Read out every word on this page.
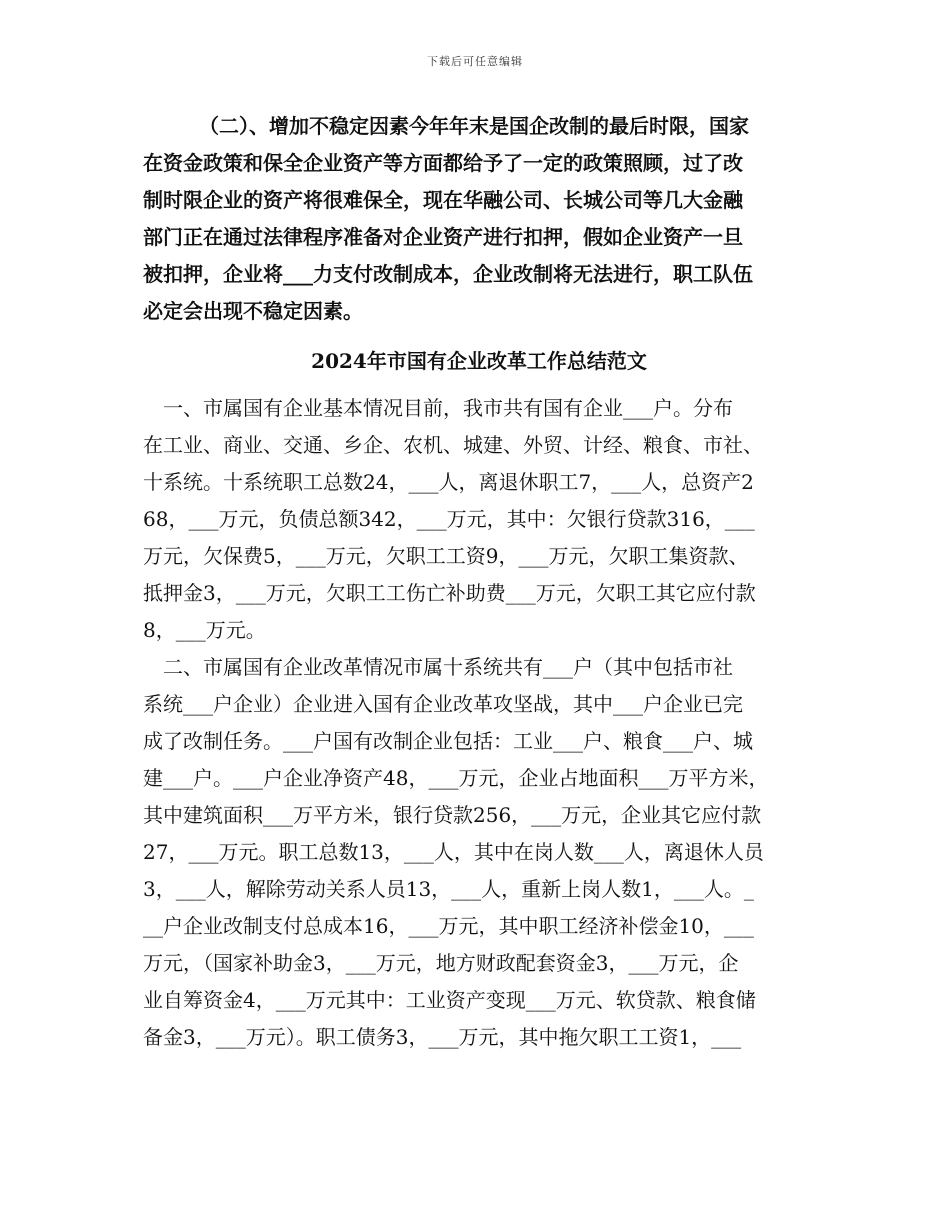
下载后可任意编辑
（二）、增加不稳定因素今年年末是国企改制的最后时限，国家
在资金政策和保全企业资产等方面都给予了一定的政策照顾，过了改
制时限企业的资产将很难保全，现在华融公司、长城公司等几大金融
部门正在通过法律程序准备对企业资产进行扣押，假如企业资产一旦
被扣押，企业将___力支付改制成本，企业改制将无法进行，职工队伍
必定会出现不稳定因素。
2024年市国有企业改革工作总结范文
一、市属国有企业基本情况目前，我市共有国有企业___户。分布
在工业、商业、交通、乡企、农机、城建、外贸、计经、粮食、市社、
十系统。十系统职工总数24，___人，离退休职工7，___人，总资产2
68，___万元，负债总额342，___万元，其中：欠银行贷款316，___
万元，欠保费5，___万元，欠职工工资9，___万元，欠职工集资款、
抵押金3，___万元，欠职工工伤亡补助费___万元，欠职工其它应付款
8，___万元。
二、市属国有企业改革情况市属十系统共有___户（其中包括市社
系统___户企业）企业进入国有企业改革攻坚战，其中___户企业已完
成了改制任务。___户国有改制企业包括：工业___户、粮食___户、城
建___户。___户企业净资产48，___万元，企业占地面积___万平方米，
其中建筑面积___万平方米，银行贷款256，___万元，企业其它应付款
27，___万元。职工总数13，___人，其中在岗人数___人，离退休人员
3，___人，解除劳动关系人员13，___人，重新上岗人数1，___人。_
__户企业改制支付总成本16，___万元，其中职工经济补偿金10，___
万元，（国家补助金3，___万元，地方财政配套资金3，___万元，企
业自筹资金4，___万元其中：工业资产变现___万元、软贷款、粮食储
备金3，___万元）。职工债务3，___万元，其中拖欠职工工资1，___
